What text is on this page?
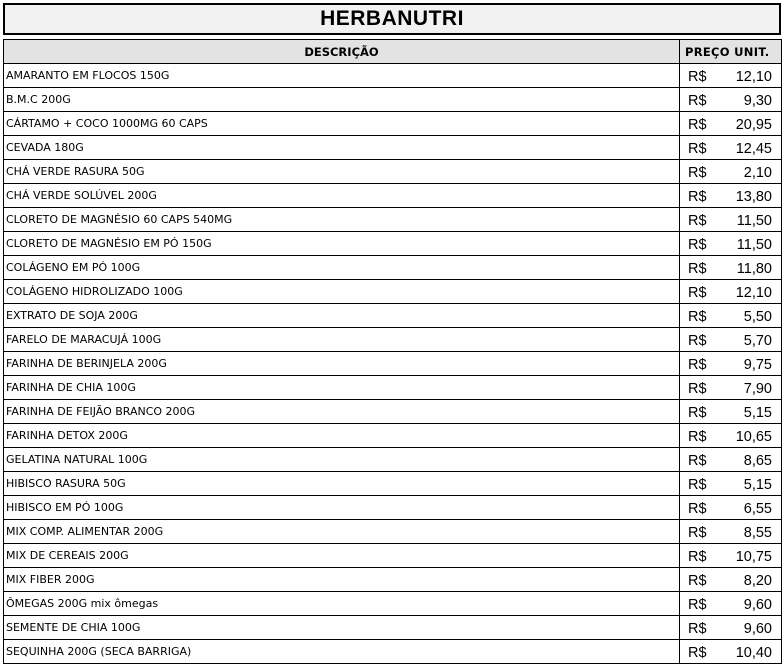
HERBANUTRI
DESCRIÇÃO	PREÇO UNIT.
AMARANTO EM FLOCOS 150G	R$ 12,10

B.M.C 200G	R$ 9,30

CÁRTAMO + COCO 1000MG 60 CAPS	R$ 20,95

CEVADA 180G	R$ 12,45

CHÁ VERDE RASURA 50G	R$ 2,10

CHÁ VERDE SOLÚVEL 200G	R$ 13,80

CLORETO DE MAGNÉSIO 60 CAPS 540MG	R$ 11,50

CLORETO DE MAGNÉSIO EM PÓ 150G	R$ 11,50

COLÁGENO EM PÓ 100G	R$ 11,80

COLÁGENO HIDROLIZADO 100G	R$ 12,10

EXTRATO DE SOJA 200G	R$ 5,50

FARELO DE MARACUJÁ 100G	R$ 5,70

FARINHA DE BERINJELA 200G	R$ 9,75

FARINHA DE CHIA 100G	R$ 7,90

FARINHA DE FEIJÃO BRANCO 200G	R$ 5,15

FARINHA DETOX 200G	R$ 10,65

GELATINA NATURAL 100G	R$ 8,65

HIBISCO RASURA 50G	R$ 5,15

HIBISCO EM PÓ 100G	R$ 6,55

MIX COMP. ALIMENTAR 200G	R$ 8,55

MIX DE CEREAIS 200G	R$ 10,75

MIX FIBER 200G	R$ 8,20

ÔMEGAS 200G mix ômegas	R$ 9,60

SEMENTE DE CHIA 100G	R$ 9,60

SEQUINHA 200G (SECA BARRIGA)	R$ 10,40
